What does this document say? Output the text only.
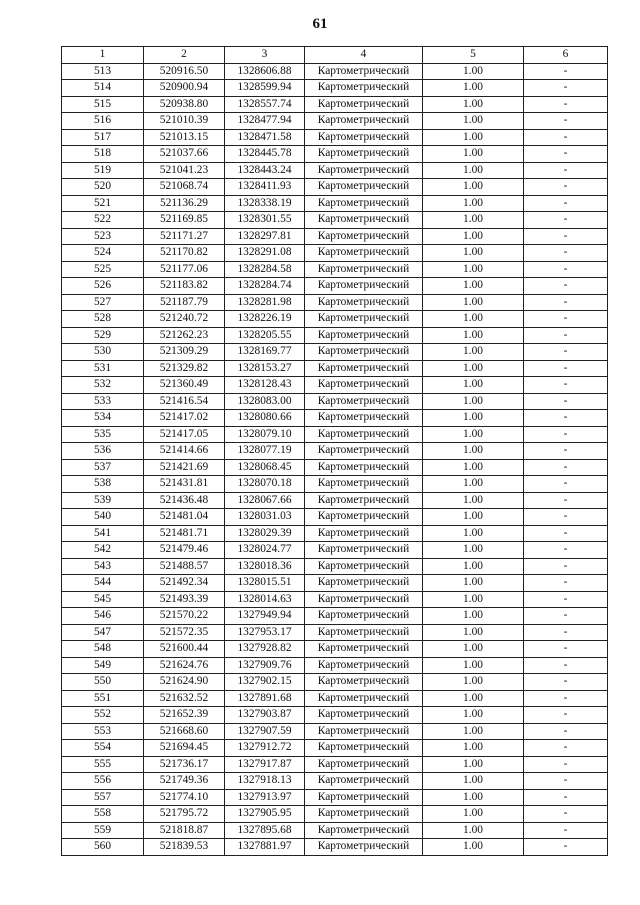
61
1	2	3	4	5	6
513	520916.50	1328606.88	Картометрический	1.00	-
514	520900.94	1328599.94	Картометрический	1.00	-
515	520938.80	1328557.74	Картометрический	1.00	-
516	521010.39	1328477.94	Картометрический	1.00	-
517	521013.15	1328471.58	Картометрический	1.00	-
518	521037.66	1328445.78	Картометрический	1.00	-
519	521041.23	1328443.24	Картометрический	1.00	-
520	521068.74	1328411.93	Картометрический	1.00	-
521	521136.29	1328338.19	Картометрический	1.00	-
522	521169.85	1328301.55	Картометрический	1.00	-
523	521171.27	1328297.81	Картометрический	1.00	-
524	521170.82	1328291.08	Картометрический	1.00	-
525	521177.06	1328284.58	Картометрический	1.00	-
526	521183.82	1328284.74	Картометрический	1.00	-
527	521187.79	1328281.98	Картометрический	1.00	-
528	521240.72	1328226.19	Картометрический	1.00	-
529	521262.23	1328205.55	Картометрический	1.00	-
530	521309.29	1328169.77	Картометрический	1.00	-
531	521329.82	1328153.27	Картометрический	1.00	-
532	521360.49	1328128.43	Картометрический	1.00	-
533	521416.54	1328083.00	Картометрический	1.00	-
534	521417.02	1328080.66	Картометрический	1.00	-
535	521417.05	1328079.10	Картометрический	1.00	-
536	521414.66	1328077.19	Картометрический	1.00	-
537	521421.69	1328068.45	Картометрический	1.00	-
538	521431.81	1328070.18	Картометрический	1.00	-
539	521436.48	1328067.66	Картометрический	1.00	-
540	521481.04	1328031.03	Картометрический	1.00	-
541	521481.71	1328029.39	Картометрический	1.00	-
542	521479.46	1328024.77	Картометрический	1.00	-
543	521488.57	1328018.36	Картометрический	1.00	-
544	521492.34	1328015.51	Картометрический	1.00	-
545	521493.39	1328014.63	Картометрический	1.00	-
546	521570.22	1327949.94	Картометрический	1.00	-
547	521572.35	1327953.17	Картометрический	1.00	-
548	521600.44	1327928.82	Картометрический	1.00	-
549	521624.76	1327909.76	Картометрический	1.00	-
550	521624.90	1327902.15	Картометрический	1.00	-
551	521632.52	1327891.68	Картометрический	1.00	-
552	521652.39	1327903.87	Картометрический	1.00	-
553	521668.60	1327907.59	Картометрический	1.00	-
554	521694.45	1327912.72	Картометрический	1.00	-
555	521736.17	1327917.87	Картометрический	1.00	-
556	521749.36	1327918.13	Картометрический	1.00	-
557	521774.10	1327913.97	Картометрический	1.00	-
558	521795.72	1327905.95	Картометрический	1.00	-
559	521818.87	1327895.68	Картометрический	1.00	-
560	521839.53	1327881.97	Картометрический	1.00	-
